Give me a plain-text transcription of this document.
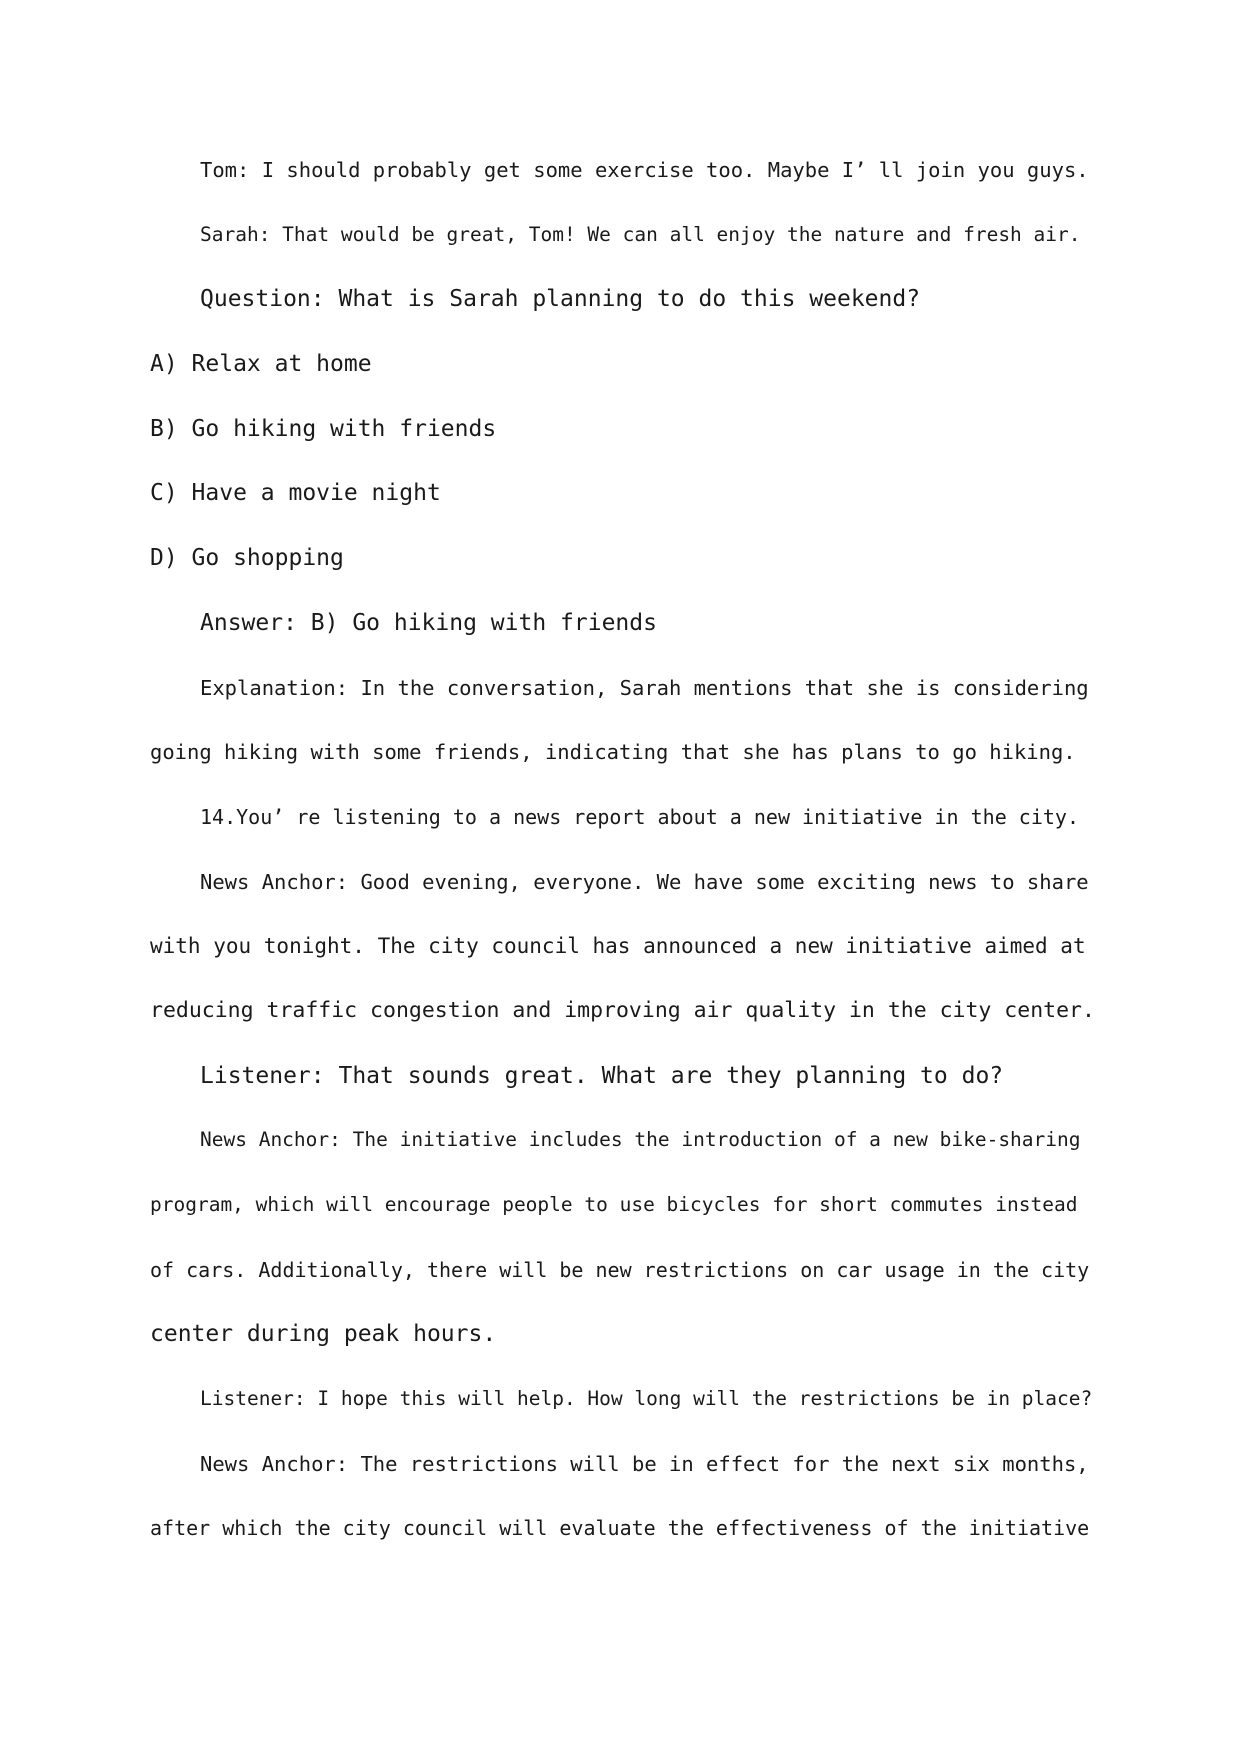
Tom: I should probably get some exercise too. Maybe I’ ll join you guys.
Sarah: That would be great, Tom! We can all enjoy the nature and fresh air.
Question: What is Sarah planning to do this weekend?
A) Relax at home
B) Go hiking with friends
C) Have a movie night
D) Go shopping
Answer: B) Go hiking with friends
Explanation: In the conversation, Sarah mentions that she is considering
going hiking with some friends, indicating that she has plans to go hiking.
14.You’ re listening to a news report about a new initiative in the city.
News Anchor: Good evening, everyone. We have some exciting news to share
with you tonight. The city council has announced a new initiative aimed at
reducing traffic congestion and improving air quality in the city center.
Listener: That sounds great. What are they planning to do?
News Anchor: The initiative includes the introduction of a new bike-sharing
program, which will encourage people to use bicycles for short commutes instead
of cars. Additionally, there will be new restrictions on car usage in the city
center during peak hours.
Listener: I hope this will help. How long will the restrictions be in place?
News Anchor: The restrictions will be in effect for the next six months,
after which the city council will evaluate the effectiveness of the initiative
